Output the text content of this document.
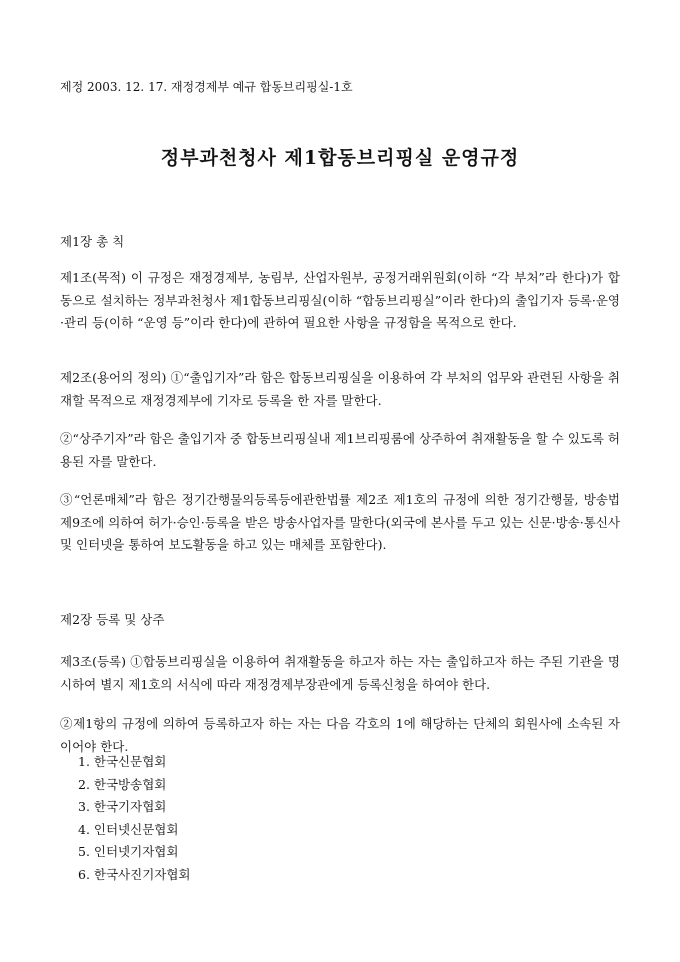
제정 2003. 12. 17. 재정경제부 예규 합동브리핑실-1호
정부과천청사 제1합동브리핑실 운영규정
제1장 총 칙
제1조(목적) 이 규정은 재정경제부, 농림부, 산업자원부, 공정거래위원회(이하 “각 부처”라 한다)가 합동으로 설치하는 정부과천청사 제1합동브리핑실(이하 “합동브리핑실”이라 한다)의 출입기자 등록·운영·관리 등(이하 “운영 등”이라 한다)에 관하여 필요한 사항을 규정함을 목적으로 한다.
제2조(용어의 정의) ①“출입기자”라 함은 합동브리핑실을 이용하여 각 부처의 업무와 관련된 사항을 취재할 목적으로 재정경제부에 기자로 등록을 한 자를 말한다.
②“상주기자”라 함은 출입기자 중 합동브리핑실내 제1브리핑룸에 상주하여 취재활동을 할 수 있도록 허용된 자를 말한다.
③“언론매체”라 함은 정기간행물의등록등에관한법률 제2조 제1호의 규정에 의한 정기간행물, 방송법 제9조에 의하여 허가·승인·등록을 받은 방송사업자를 말한다(외국에 본사를 두고 있는 신문·방송·통신사 및 인터넷을 통하여 보도활동을 하고 있는 매체를 포함한다).
제2장 등록 및 상주
제3조(등록) ①합동브리핑실을 이용하여 취재활동을 하고자 하는 자는 출입하고자 하는 주된 기관을 명시하여 별지 제1호의 서식에 따라 재정경제부장관에게 등록신청을 하여야 한다.
②제1항의 규정에 의하여 등록하고자 하는 자는 다음 각호의 1에 해당하는 단체의 회원사에 소속된 자이어야 한다.
1. 한국신문협회
2. 한국방송협회
3. 한국기자협회
4. 인터넷신문협회
5. 인터넷기자협회
6. 한국사진기자협회
